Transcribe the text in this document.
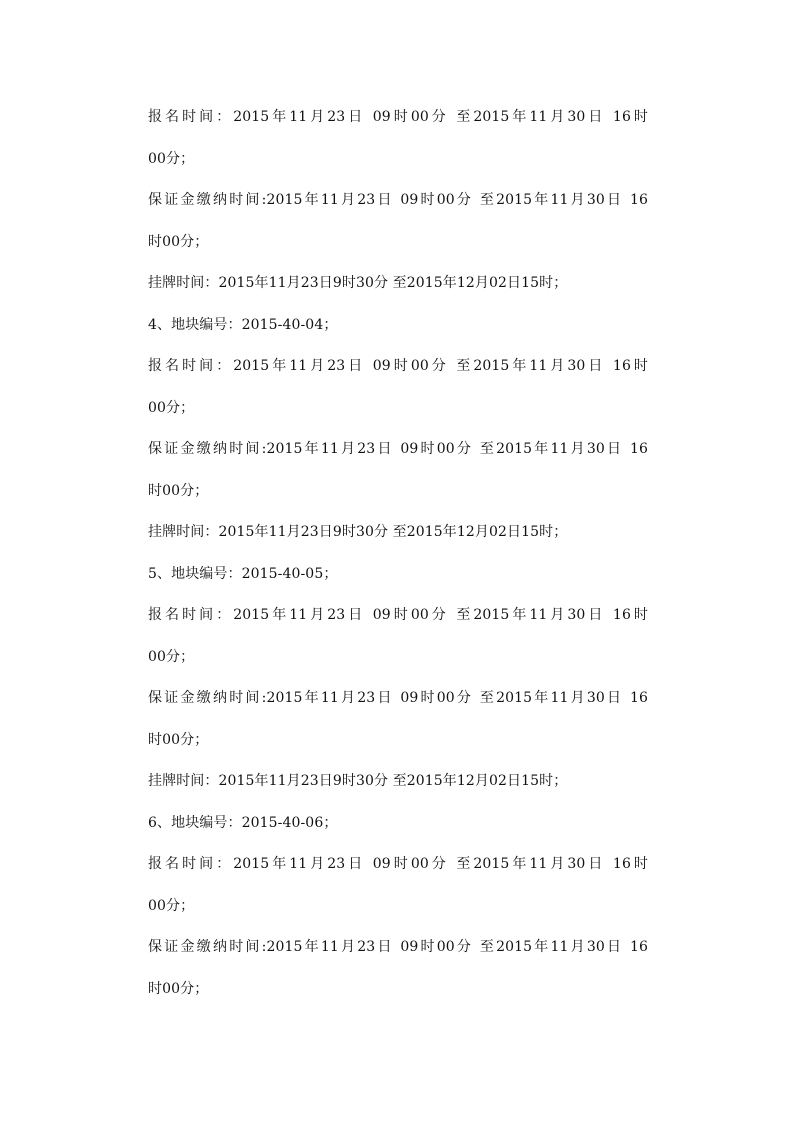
报名时间：2015年11月23日 09时00分 至2015年11月30日 16时
00分；
保证金缴纳时间:2015年11月23日 09时00分 至2015年11月30日 16
时00分；
挂牌时间：2015年11月23日9时30分 至2015年12月02日15时；
4、地块编号：2015-40-04；
报名时间：2015年11月23日 09时00分 至2015年11月30日 16时
00分；
保证金缴纳时间:2015年11月23日 09时00分 至2015年11月30日 16
时00分；
挂牌时间：2015年11月23日9时30分 至2015年12月02日15时；
5、地块编号：2015-40-05；
报名时间：2015年11月23日 09时00分 至2015年11月30日 16时
00分；
保证金缴纳时间:2015年11月23日 09时00分 至2015年11月30日 16
时00分；
挂牌时间：2015年11月23日9时30分 至2015年12月02日15时；
6、地块编号：2015-40-06；
报名时间：2015年11月23日 09时00分 至2015年11月30日 16时
00分；
保证金缴纳时间:2015年11月23日 09时00分 至2015年11月30日 16
时00分；
